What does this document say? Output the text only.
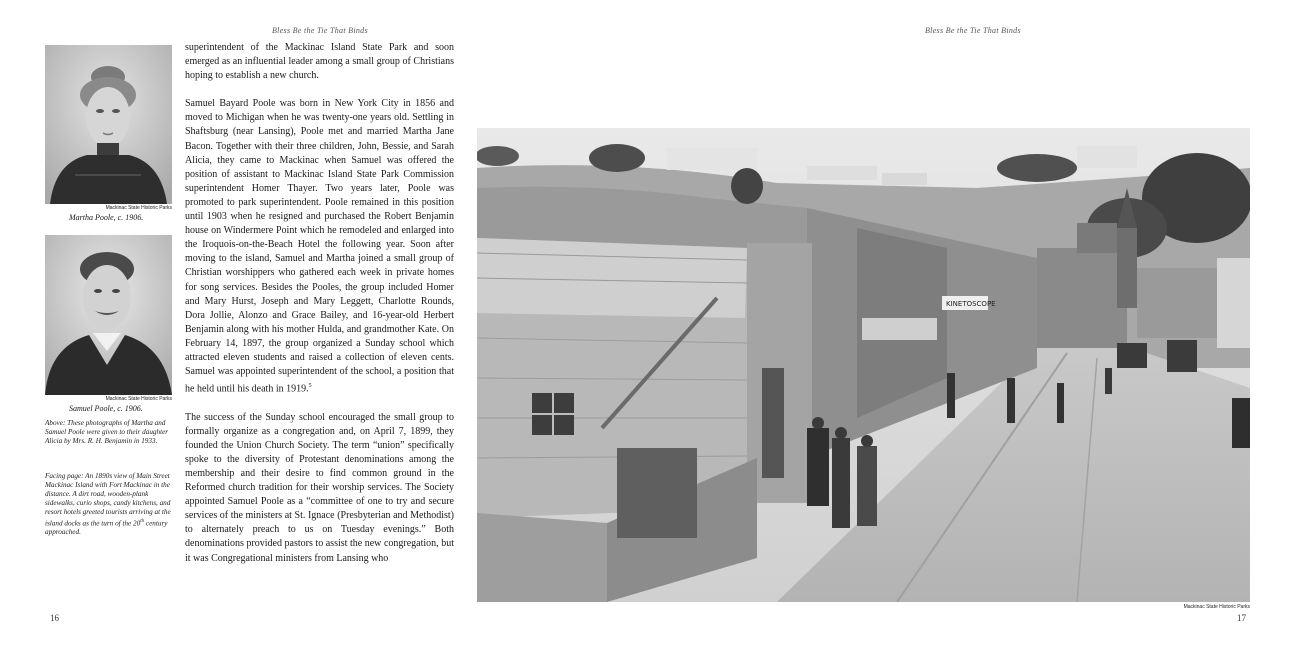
Bless Be the Tie That Binds	Bless Be the Tie That Binds
Mackinac State Historic Parks
Martha Poole, c. 1906.
Mackinac State Historic Parks
Samuel Poole, c. 1906.

Above: These photographs of Martha and Samuel Poole were given to their daughter Alicia by Mrs. R. H. Benjamin in 1933.

Facing page: An 1890s view of Main Street Mackinac Island with Fort Mackinac in the distance. A dirt road, wooden-plank sidewalks, curio shops, candy kitchens, and resort hotels greeted tourists arriving at the island docks as the turn of the 20th century approached.

superintendent of the Mackinac Island State Park and soon emerged as an influential leader among a small group of Christians hoping to establish a new church.

Samuel Bayard Poole was born in New York City in 1856 and moved to Michigan when he was twenty-one years old. Settling in Shaftsburg (near Lansing), Poole met and married Martha Jane Bacon. Together with their three children, John, Bessie, and Sarah Alicia, they came to Mackinac when Samuel was offered the position of assistant to Mackinac Island State Park Commission superintendent Homer Thayer. Two years later, Poole was promoted to park superintendent. Poole remained in this position until 1903 when he resigned and purchased the Robert Benjamin house on Windermere Point which he remodeled and enlarged into the Iroquois-on-the-Beach Hotel the following year. Soon after moving to the island, Samuel and Martha joined a small group of Christian worshippers who gathered each week in private homes for song services. Besides the Pooles, the group included Homer and Mary Hurst, Joseph and Mary Leggett, Charlotte Rounds, Dora Jollie, Alonzo and Grace Bailey, and 16-year-old Herbert Benjamin along with his mother Hulda, and grandmother Kate. On February 14, 1897, the group organized a Sunday school which attracted eleven students and raised a collection of eleven cents. Samuel was appointed superintendent of the school, a position that he held until his death in 1919.$^5$

The success of the Sunday school encouraged the small group to formally organize as a congregation and, on April 7, 1899, they founded the Union Church Society. The term “union” specifically spoke to the diversity of Protestant denominations among the membership and their desire to find common ground in the Reformed church tradition for their worship services. The Society appointed Samuel Poole as a “committee of one to try and secure services of the ministers at St. Ignace (Presbyterian and Methodist) to alternately preach to us on Tuesday evenings.” Both denominations provided pastors to assist the new congregation, but it was Congregational ministers from Lansing who

16
KINETOSCOPE
Mackinac State Historic Parks
17
